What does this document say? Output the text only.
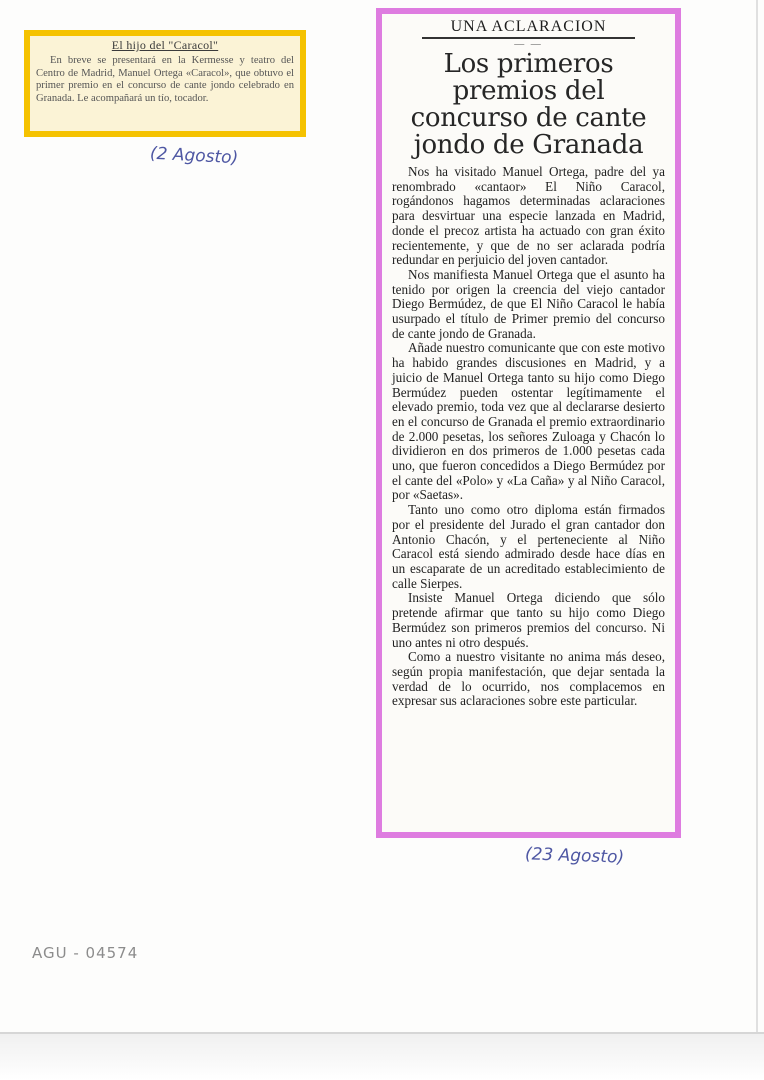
El hijo del "Caracol"
En breve se presentará en la Kermesse y teatro del Centro de Madrid, Manuel Ortega «Caracol», que obtuvo el primer premio en el concurso de cante jondo celebrado en Granada. Le acompañará un tío, tocador.
(2 Agosto)
UNA ACLARACION
— —
Los primeros premios del concurso de cante jondo de Granada

Nos ha visitado Manuel Ortega, padre del ya renombrado «cantaor» El Niño Caracol, rogándonos hagamos determinadas aclaraciones para desvirtuar una especie lanzada en Madrid, donde el precoz artista ha actuado con gran éxito recientemente, y que de no ser aclarada podría redundar en perjuicio del joven cantador.

Nos manifiesta Manuel Ortega que el asunto ha tenido por origen la creencia del viejo cantador Diego Bermúdez, de que El Niño Caracol le había usurpado el título de Primer premio del concurso de cante jondo de Granada.

Añade nuestro comunicante que con este motivo ha habido grandes discusiones en Madrid, y a juicio de Manuel Ortega tanto su hijo como Diego Bermúdez pueden ostentar legítimamente el elevado premio, toda vez que al declararse desierto en el concurso de Granada el premio extraordinario de 2.000 pesetas, los señores Zuloaga y Chacón lo dividieron en dos primeros de 1.000 pesetas cada uno, que fueron concedidos a Diego Bermúdez por el cante del «Polo» y «La Caña» y al Niño Caracol, por «Saetas».

Tanto uno como otro diploma están firmados por el presidente del Jurado el gran cantador don Antonio Chacón, y el perteneciente al Niño Caracol está siendo admirado desde hace días en un escaparate de un acreditado establecimiento de calle Sierpes.

Insiste Manuel Ortega diciendo que sólo pretende afirmar que tanto su hijo como Diego Bermúdez son primeros premios del concurso. Ni uno antes ni otro después.

Como a nuestro visitante no anima más deseo, según propia manifestación, que dejar sentada la verdad de lo ocurrido, nos complacemos en expresar sus aclaraciones sobre este particular.

(23 Agosto)
AGU - 04574
